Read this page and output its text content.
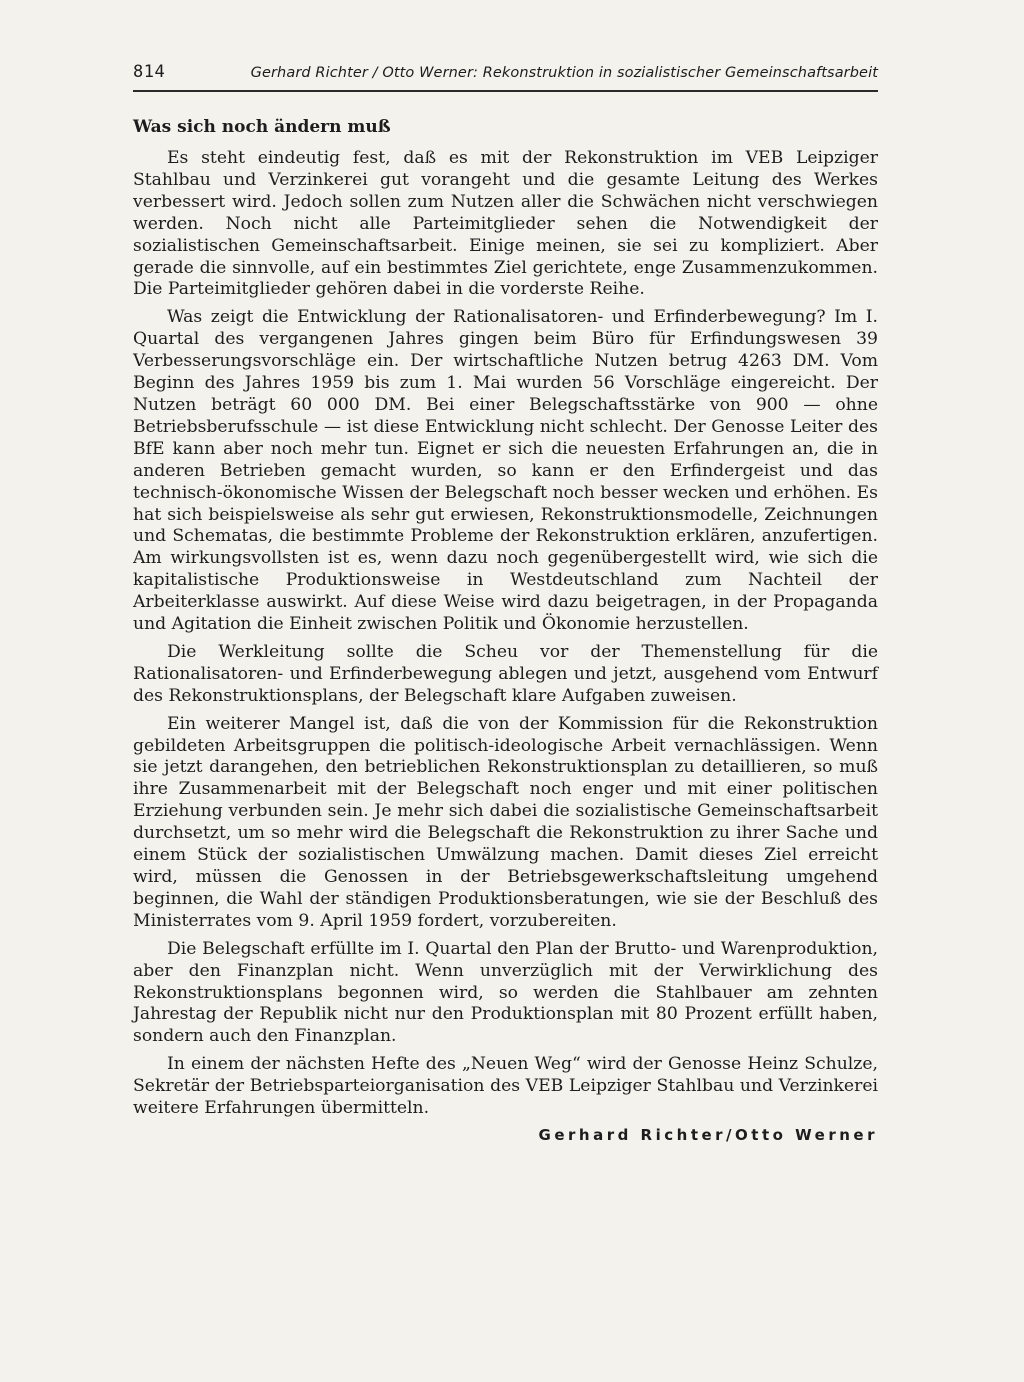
814	Gerhard Richter / Otto Werner: Rekonstruktion in sozialistischer Gemeinschaftsarbeit
Was sich noch ändern muß

Es steht eindeutig fest, daß es mit der Rekonstruktion im VEB Leipziger Stahlbau und Verzinkerei gut vorangeht und die gesamte Leitung des Werkes verbessert wird. Jedoch sollen zum Nutzen aller die Schwächen nicht verschwiegen werden. Noch nicht alle Parteimitglieder sehen die Notwendigkeit der sozialistischen Gemeinschaftsarbeit. Einige meinen, sie sei zu kompliziert. Aber gerade die sinnvolle, auf ein bestimmtes Ziel gerichtete, enge Zusammenzukommen. Die Parteimitglieder gehören dabei in die vorderste Reihe.

Was zeigt die Entwicklung der Rationalisatoren- und Erfinderbewegung? Im I. Quartal des vergangenen Jahres gingen beim Büro für Erfindungswesen 39 Verbesserungsvorschläge ein. Der wirtschaftliche Nutzen betrug 4263 DM. Vom Beginn des Jahres 1959 bis zum 1. Mai wurden 56 Vorschläge eingereicht. Der Nutzen beträgt 60 000 DM. Bei einer Belegschaftsstärke von 900 — ohne Betriebsberufsschule — ist diese Entwicklung nicht schlecht. Der Genosse Leiter des BfE kann aber noch mehr tun. Eignet er sich die neuesten Erfahrungen an, die in anderen Betrieben gemacht wurden, so kann er den Erfindergeist und das technisch-ökonomische Wissen der Belegschaft noch besser wecken und erhöhen. Es hat sich beispielsweise als sehr gut erwiesen, Rekonstruktionsmodelle, Zeichnungen und Schematas, die bestimmte Probleme der Rekonstruktion erklären, anzufertigen. Am wirkungsvollsten ist es, wenn dazu noch gegenübergestellt wird, wie sich die kapitalistische Produktionsweise in Westdeutschland zum Nachteil der Arbeiterklasse auswirkt. Auf diese Weise wird dazu beigetragen, in der Propaganda und Agitation die Einheit zwischen Politik und Ökonomie herzustellen.

Die Werkleitung sollte die Scheu vor der Themenstellung für die Rationalisatoren- und Erfinderbewegung ablegen und jetzt, ausgehend vom Entwurf des Rekonstruktionsplans, der Belegschaft klare Aufgaben zuweisen.

Ein weiterer Mangel ist, daß die von der Kommission für die Rekonstruktion gebildeten Arbeitsgruppen die politisch-ideologische Arbeit vernachlässigen. Wenn sie jetzt darangehen, den betrieblichen Rekonstruktionsplan zu detaillieren, so muß ihre Zusammenarbeit mit der Belegschaft noch enger und mit einer politischen Erziehung verbunden sein. Je mehr sich dabei die sozialistische Gemeinschaftsarbeit durchsetzt, um so mehr wird die Belegschaft die Rekonstruktion zu ihrer Sache und einem Stück der sozialistischen Umwälzung machen. Damit dieses Ziel erreicht wird, müssen die Genossen in der Betriebsgewerkschaftsleitung umgehend beginnen, die Wahl der ständigen Produktionsberatungen, wie sie der Beschluß des Ministerrates vom 9. April 1959 fordert, vorzubereiten.

Die Belegschaft erfüllte im I. Quartal den Plan der Brutto- und Warenproduktion, aber den Finanzplan nicht. Wenn unverzüglich mit der Verwirklichung des Rekonstruktionsplans begonnen wird, so werden die Stahlbauer am zehnten Jahrestag der Republik nicht nur den Produktionsplan mit 80 Prozent erfüllt haben, sondern auch den Finanzplan.

In einem der nächsten Hefte des „Neuen Weg“ wird der Genosse Heinz Schulze, Sekretär der Betriebsparteiorganisation des VEB Leipziger Stahlbau und Verzinkerei weitere Erfahrungen übermitteln.

Gerhard Richter/Otto Werner
